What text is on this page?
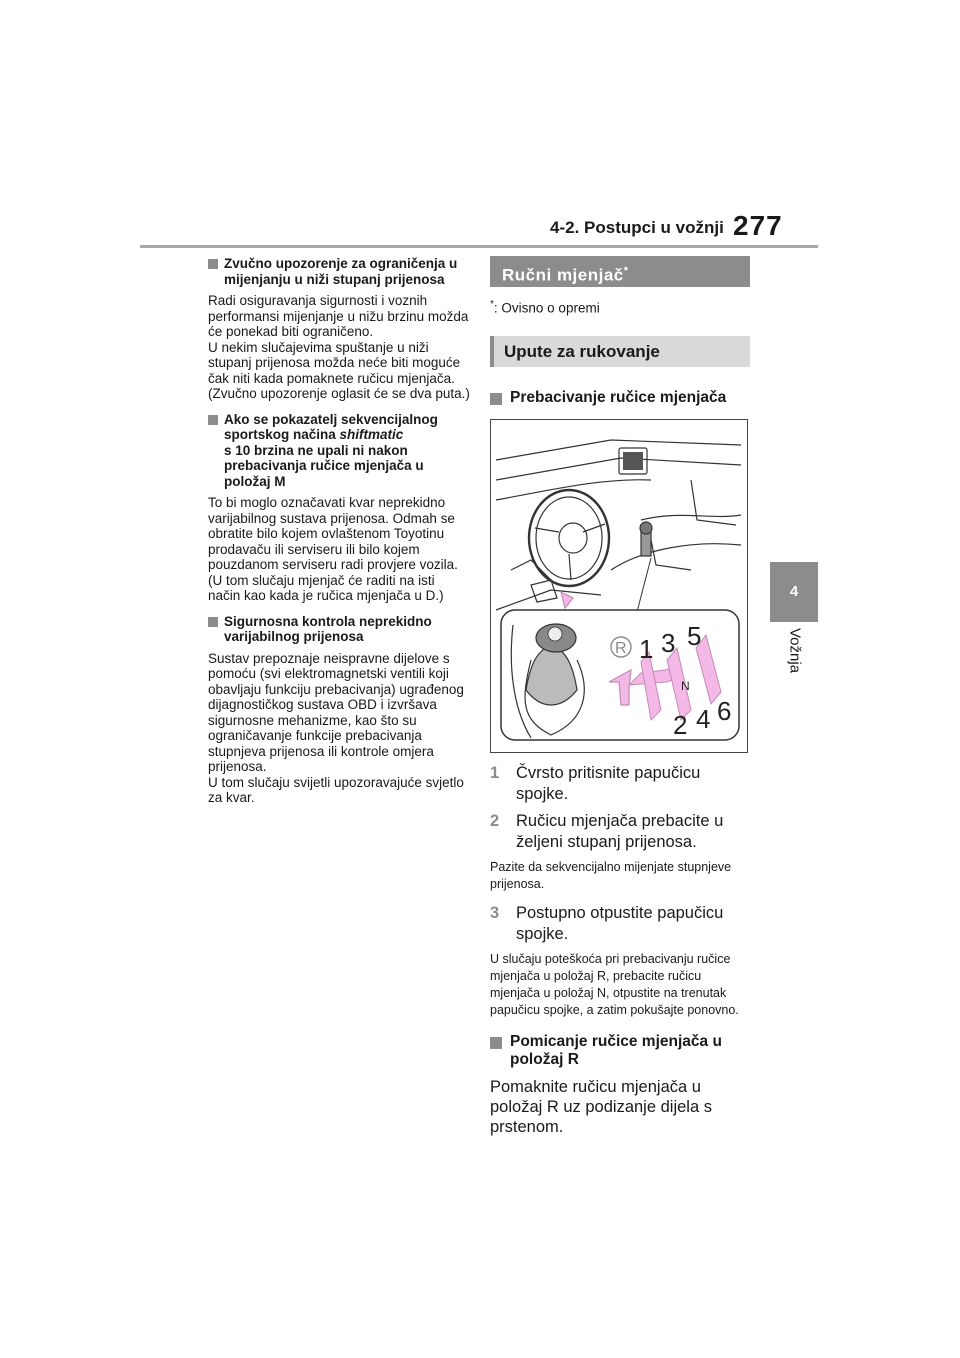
4-2. Postupci u vožnji 277
4
Vožnja
Zvučno upozorenje za ograničenja u mijenjanju u niži stupanj prijenosa
Radi osiguravanja sigurnosti i voznih performansi mijenjanje u nižu brzinu možda će ponekad biti ograničeno.
U nekim slučajevima spuštanje u niži stupanj prijenosa možda neće biti moguće čak niti kada pomaknete ručicu mjenjača. (Zvučno upozorenje oglasit će se dva puta.)
Ako se pokazatelj sekvencijalnog sportskog načina shiftmatic
s 10 brzina ne upali ni nakon prebacivanja ručice mjenjača u položaj M
To bi moglo označavati kvar neprekidno varijabilnog sustava prijenosa. Odmah se obratite bilo kojem ovlaštenom Toyotinu prodavaču ili serviseru ili bilo kojem pouzdanom serviseru radi provjere vozila.
(U tom slučaju mjenjač će raditi na isti način kao kada je ručica mjenjača u D.)
Sigurnosna kontrola neprekidno varijabilnog prijenosa
Sustav prepoznaje neispravne dijelove s pomoću (svi elektromagnetski ventili koji obavljaju funkciju prebacivanja) ugrađenog dijagnostičkog sustava OBD i izvršava sigurnosne mehanizme, kao što su ograničavanje funkcije prebacivanja stupnjeva prijenosa ili kontrole omjera prijenosa.
U tom slučaju svijetli upozoravajuće svjetlo za kvar.
Ručni mjenjač*
*: Ovisno o opremi
Upute za rukovanje
Prebacivanje ručice mjenjača
R 1 3 5
N
2 4 6
1 Čvrsto pritisnite papučicu spojke.
2 Ručicu mjenjača prebacite u željeni stupanj prijenosa.
Pazite da sekvencijalno mijenjate stupnjeve prijenosa.
3 Postupno otpustite papučicu spojke.
U slučaju poteškoća pri prebacivanju ručice mjenjača u položaj R, prebacite ručicu mjenjača u položaj N, otpustite na trenutak papučicu spojke, a zatim pokušajte ponovno.
Pomicanje ručice mjenjača u položaj R
Pomaknite ručicu mjenjača u položaj R uz podizanje dijela s prstenom.
